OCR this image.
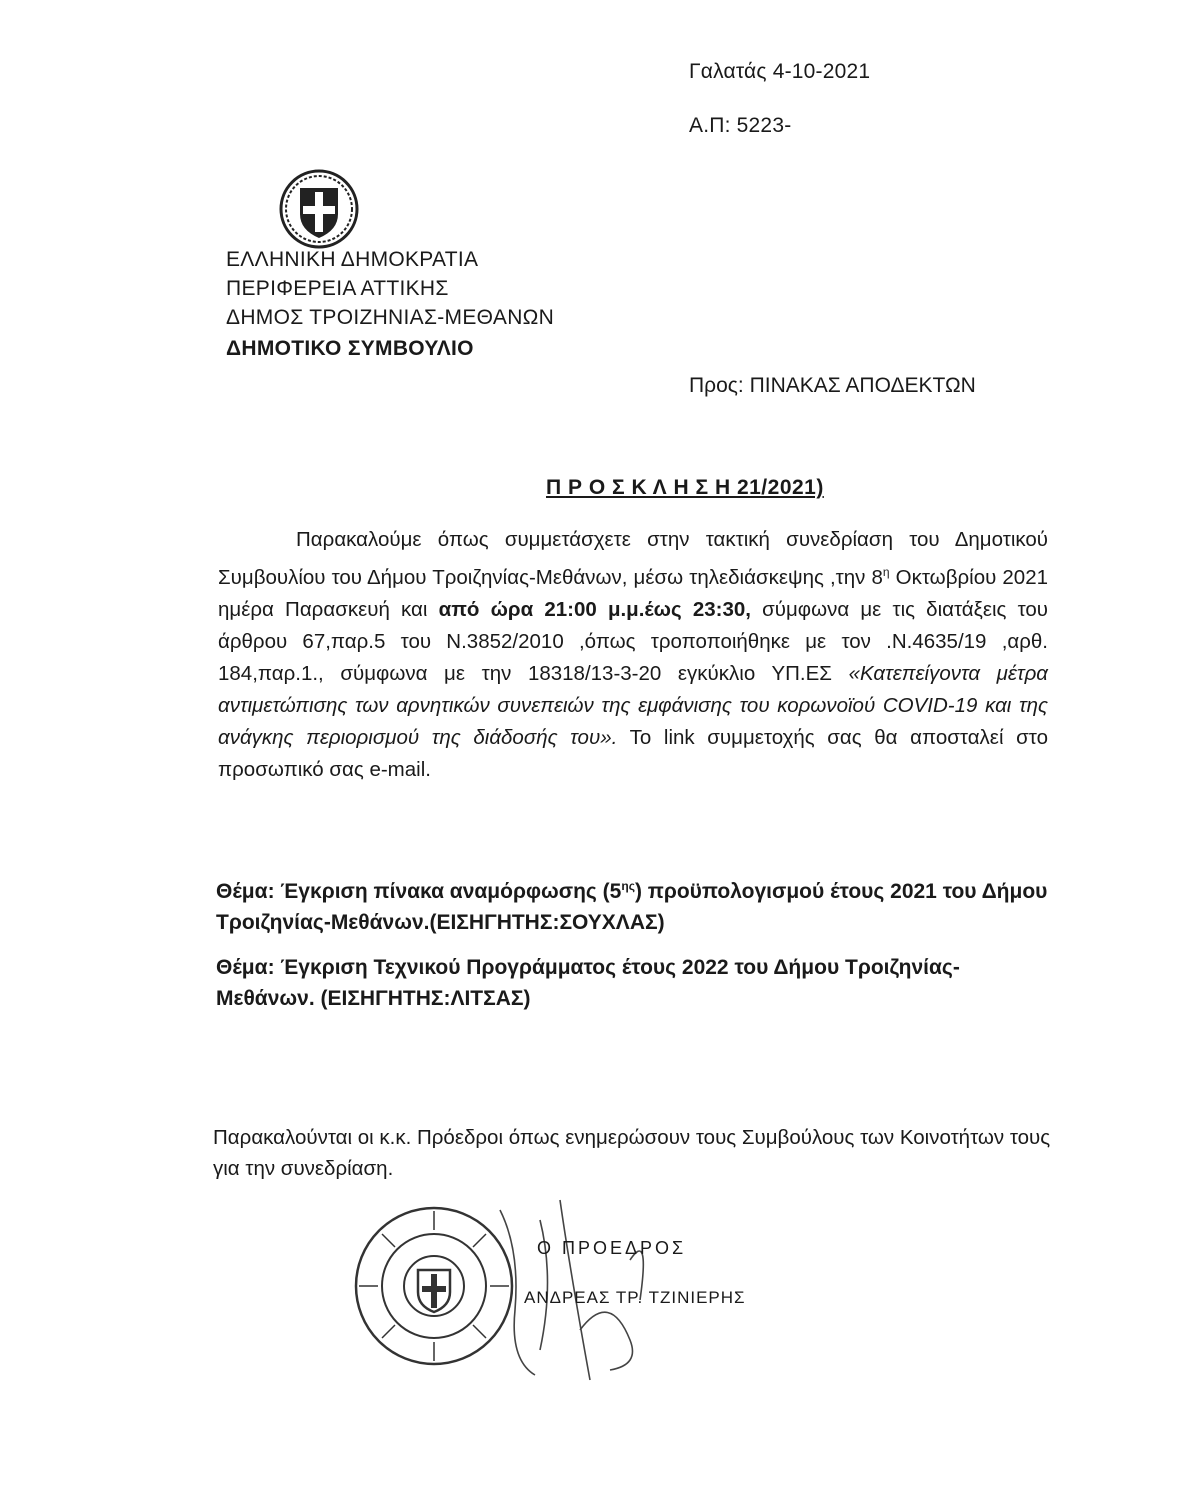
Γαλατάς 4-10-2021
Α.Π: 5223-
ΕΛΛΗΝΙΚΗ ΔΗΜΟΚΡΑΤΙΑ
ΠΕΡΙΦΕΡΕΙΑ ΑΤΤΙΚΗΣ
ΔΗΜΟΣ ΤΡΟΙΖΗΝΙΑΣ-ΜΕΘΑΝΩΝ
ΔΗΜΟΤΙΚΟ ΣΥΜΒΟΥΛΙΟ
Προς: ΠΙΝΑΚΑΣ ΑΠΟΔΕΚΤΩΝ
Π Ρ Ο Σ Κ Λ Η Σ Η 21/2021)
Παρακαλούμε όπως συμμετάσχετε στην τακτική συνεδρίαση του Δημοτικού Συμβουλίου του Δήμου Τροιζηνίας-Μεθάνων, μέσω τηλεδιάσκεψης ,την $8^\eta$ Οκτωβρίου 2021 ημέρα Παρασκευή και από ώρα 21:00 μ.μ.έως 23:30, σύμφωνα με τις διατάξεις του άρθρου 67,παρ.5 του Ν.3852/2010 ,όπως τροποποιήθηκε με τον .Ν.4635/19 ,αρθ. 184,παρ.1., σύμφωνα με την 18318/13-3-20 εγκύκλιο ΥΠ.ΕΣ «Κατεπείγοντα μέτρα αντιμετώπισης των αρνητικών συνεπειών της εμφάνισης του κορωνοϊού COVID-19 και της ανάγκης περιορισμού της διάδοσής του». Το link συμμετοχής σας θα αποσταλεί στο προσωπικό σας e-mail.
Θέμα: Έγκριση πίνακα αναμόρφωσης $(5^{\eta\varsigma})$ προϋπολογισμού έτους 2021 του Δήμου Τροιζηνίας-Μεθάνων.(ΕΙΣΗΓΗΤΗΣ:ΣΟΥΧΛΑΣ)
Θέμα: Έγκριση Τεχνικού Προγράμματος έτους 2022 του Δήμου Τροιζηνίας-Μεθάνων. (ΕΙΣΗΓΗΤΗΣ:ΛΙΤΣΑΣ)
Παρακαλούνται οι κ.κ. Πρόεδροι όπως ενημερώσουν τους Συμβούλους των Κοινοτήτων τους για την συνεδρίαση.
Ο ΠΡΟΕΔΡΟΣ
ΑΝΔΡΕΑΣ ΤΡ. ΤΖΙΝΙΕΡΗΣ
